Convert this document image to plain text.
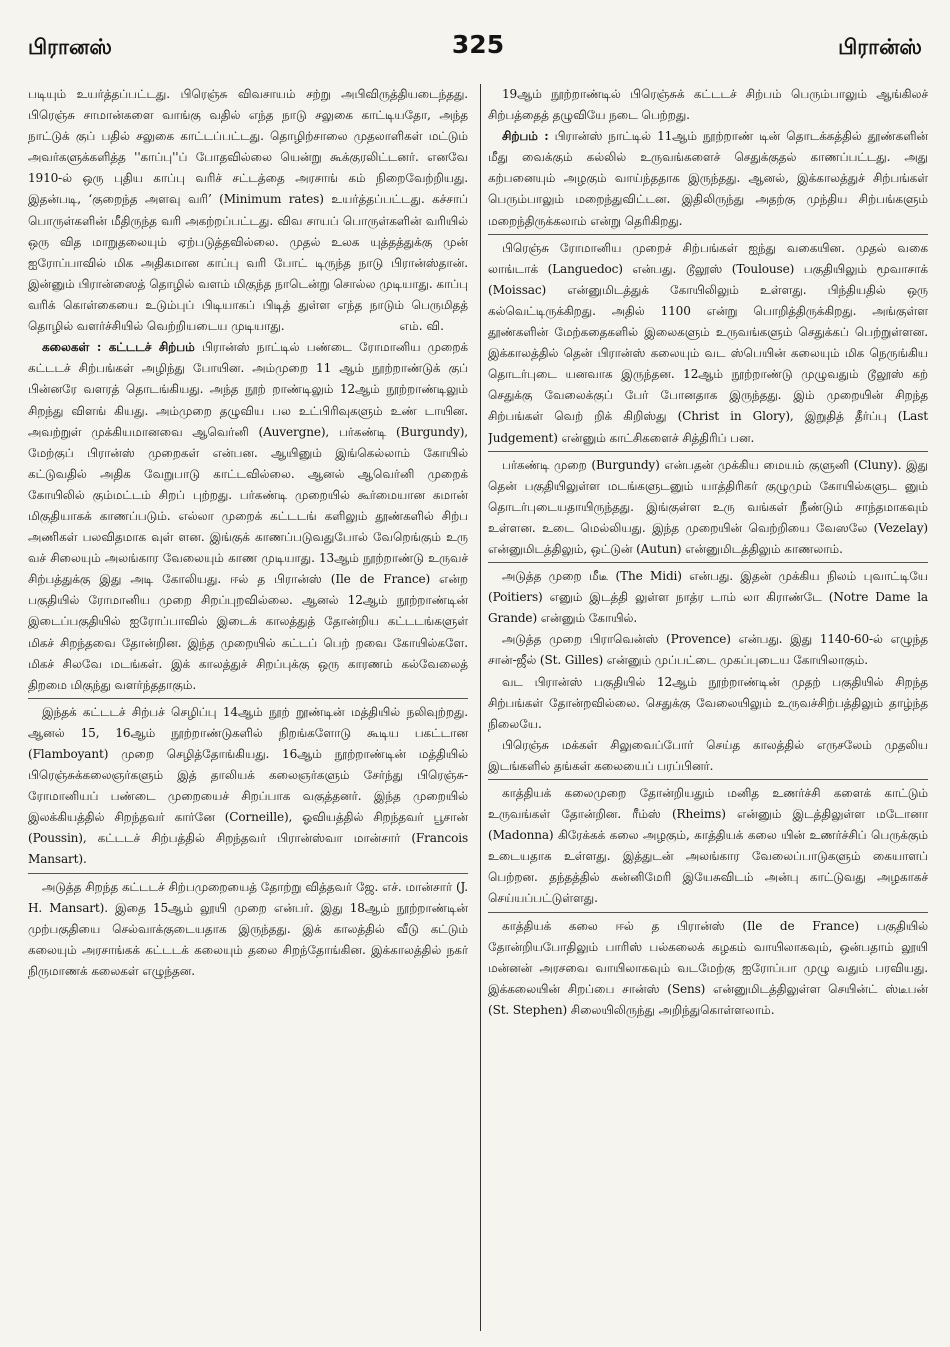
பிரானஸ்	325	பிரான்ஸ்

படியும் உயர்த்தப்பட்டது. பிரெஞ்சு விவசாயம் சற்று அபிவிருத்தியடைந்தது. பிரெஞ்சு சாமான்களை வாங்கு வதில் எந்த நாடு சலுகை காட்டியதோ, அந்த நாட்டுக் குப் பதில் சலுகை காட்டப்பட்டது. தொழிற்சாலை முதலாளிகள் மட்டும் அவர்களுக்களித்த ''காப்பு''ப் போதவில்லை யென்று கூக்குரலிட்டனர். எனவே 1910-ல் ஒரு புதிய காப்பு வரிச் சட்டத்தை அரசாங் கம் நிறைவேற்றியது. இதன்படி, ‘குறைந்த அளவு வரி’ (Minimum rates) உயர்த்தப்பட்டது. கச்சாப் பொருள்களின் மீதிருந்த வரி அகற்றப்பட்டது. விவ சாயப் பொருள்களின் வரியில் ஒரு வித மாறுதலையும் ஏற்படுத்தவில்லை. முதல் உலக யுத்தத்துக்கு முன் ஐரோப்பாவில் மிக அதிகமான காப்பு வரி போட் டிருந்த நாடு பிரான்ஸ்தான். இன்னும் பிரான்ஸைத் தொழில் வளம் மிகுந்த நாடென்று சொல்ல முடியாது. காப்பு வரிக் கொள்கையை உடும்புப் பிடியாகப் பிடித் துள்ள எந்த நாடும் பெருமிதத் தொழில் வளர்ச்சியில் வெற்றியடைய முடியாது.	எம். வி.

கலைகள் : கட்டடச் சிற்பம் பிரான்ஸ் நாட்டில் பண்டை ரோமானிய முறைக் கட்டடச் சிற்பங்கள் அழிந்து போயின. அம்முறை 11 ஆம் நூற்றாண்டுக் குப் பின்னரே வளரத் தொடங்கியது. அந்த நூற் றாண்டிலும் 12ஆம் நூற்றாண்டிலும் சிறந்து விளங் கியது. அம்முறை தழுவிய பல உட்பிரிவுகளும் உண் டாயின. அவற்றுள் முக்கியமானவை ஆவெர்னி (Auvergne), பர்கண்டி (Burgundy), மேற்குப் பிரான்ஸ் முறைகள் என்பன. ஆயினும் இங்கெல்லாம் கோயில் கட்டுவதில் அதிக வேறுபாடு காட்டவில்லை. ஆனல் ஆவெர்னி முறைக் கோயிலில் கும்மட்டம் சிறப் புற்றது. பர்கண்டி முறையில் கூர்மையான கமான் மிகுதியாகக் காணப்படும். எல்லா முறைக் கட்டடங் களிலும் தூண்களில் சிற்ப அணிகள் பலவிதமாக வுள் ளன. இங்குக் காணப்படுவதுபோல் வேறெங்கும் உரு வச் சிலையும் அலங்கார வேலையும் காண முடியாது. 13ஆம் நூற்றாண்டு உருவச் சிற்பத்துக்கு இது அடி கோலியது. ஈல் த பிரான்ஸ் (Ile de France) என்ற பகுதியில் ரோமானிய முறை சிறப்புறவில்லை. ஆனல் 12ஆம் நூற்றாண்டின் இடைப்பகுதியில் ஐரோப்பாவில் இடைக் காலத்துத் தோன்றிய கட்டடங்களுள் மிகச் சிறந்தவை தோன்றின. இந்த முறையில் கட்டப் பெற் றவை கோயில்களே. மிகச் சிலவே மடங்கள். இக் காலத்துச் சிறப்புக்கு ஒரு காரணம் கல்வேலைத் திறமை மிகுந்து வளர்ந்ததாகும்.

இந்தக் கட்டடச் சிற்பச் செழிப்பு 14ஆம் நூற் றூண்டின் மத்தியில் நலிவுற்றது. ஆனல் 15, 16ஆம் நூற்றாண்டுகளில் நிறங்களோடு கூடிய பகட்டான (Flamboyant) முறை செழித்தோங்கியது. 16ஆம் நூற்றாண்டின் மத்தியில் பிரெஞ்சுக்கலைஞர்களும் இத் தாலியக் கலைஞர்களும் சேர்ந்து பிரெஞ்சு-ரோமானியப் பண்டை முறையைச் சிறப்பாக வகுத்தனர். இந்த முறையில் இலக்கியத்தில் சிறந்தவர் கார்னே (Corneille), ஓவியத்தில் சிறந்தவர் பூசான் (Poussin), கட்டடச் சிற்பத்தில் சிறந்தவர் பிரான்ஸ்வா மான்சார் (Francois Mansart).

அடுத்த சிறந்த கட்டடச் சிற்பமுறையைத் தோற்று வித்தவர் ஜே. எச். மான்சார் (J. H. Mansart). இதை 15ஆம் லூயி முறை என்பர். இது 18ஆம் நூற்றாண்டின் முற்பகுதியை செல்வாக்குடையதாக இருந்தது. இக் காலத்தில் வீடு கட்டும் கலையும் அரசாங்கக் கட்டடக் கலையும் தலை சிறந்தோங்கின. இக்காலத்தில் நகர் நிருமாணக் கலைகள் எழுந்தன.

19ஆம் நூற்றாண்டில் பிரெஞ்சுக் கட்டடச் சிற்பம் பெரும்பாலும் ஆங்கிலச் சிற்பத்தைத் தழுவியே நடை பெற்றது.

சிற்பம் : பிரான்ஸ் நாட்டில் 11ஆம் நூற்றாண் டின் தொடக்கத்தில் தூண்களின் மீது வைக்கும் கல்லில் உருவங்களைச் செதுக்குதல் காணப்பட்டது. அது கற்பனையும் அழகும் வாய்ந்ததாக இருந்தது. ஆனல், இக்காலத்துச் சிற்பங்கள் பெரும்பாலும் மறைந்துவிட்டன. இதிலிருந்து அதற்கு முந்திய சிற்பங்களும் மறைந்திருக்கலாம் என்று தெரிகிறது.

பிரெஞ்சு ரோமானிய முறைச் சிற்பங்கள் ஐந்து வகையின. முதல் வகை லாங்டாக் (Languedoc) என்பது. டூலூஸ் (Toulouse) பகுதியிலும் மூவாசாக் (Moissac) என்னுமிடத்துக் கோயிலிலும் உள்ளது. பிந்தியதில் ஒரு கல்வெட்டிருக்கிறது. அதில் 1100 என்று பொறித்திருக்கிறது. அங்குள்ள தூண்களின் மேற்கதைகளில் இலைகளும் உருவங்களும் செதுக்கப் பெற்றுள்ளன. இக்காலத்தில் தென் பிரான்ஸ் கலையும் வட ஸ்பெயின் கலையும் மிக நெருங்கிய தொடர்புடை யனவாக இருந்தன. 12ஆம் நூற்றாண்டு முழுவதும் டூலூஸ் கற் செதுக்கு வேலைக்குப் பேர் போனதாக இருந்தது. இம் முறையின் சிறந்த சிற்பங்கள் வெற் றிக் கிறிஸ்து (Christ in Glory), இறுதித் தீர்ப்பு (Last Judgement) என்னும் காட்சிகளைச் சித்திரிப் பன.

பர்கண்டி முறை (Burgundy) என்பதன் முக்கிய மையம் குளுனி (Cluny). இது தென் பகுதியிலுள்ள மடங்களுடனும் யாத்திரிகர் குழுமும் கோயில்களுட னும் தொடர்புடையதாயிருந்தது. இங்குள்ள உரு வங்கள் நீண்டும் சாந்தமாகவும் உள்ளன. உடை மெல்லியது. இந்த முறையின் வெற்றியை வேஸலே (Vezelay) என்னுமிடத்திலும், ஒட்டுன் (Autun) என்னுமிடத்திலும் காணலாம்.

அடுத்த முறை மீடீ (The Midi) என்பது. இதன் முக்கிய நிலம் புவாட்டியே (Poitiers) எனும் இடத்தி லுள்ள நாத்ர டாம் லா கிராண்டே (Notre Dame la Grande) என்னும் கோயில்.

அடுத்த முறை பிராவென்ஸ் (Provence) என்பது. இது 1140-60-ல் எழுந்த சான்-ஜீல் (St. Gilles) என்னும் முப்பட்டை முகப்புடைய கோயிலாகும்.

வட பிரான்ஸ் பகுதியில் 12ஆம் நூற்றாண்டின் முதற் பகுதியில் சிறந்த சிற்பங்கள் தோன்றவில்லை. செதுக்கு வேலையிலும் உருவச்சிற்பத்திலும் தாழ்ந்த நிலையே.

பிரெஞ்சு மக்கள் சிலுவைப்போர் செய்த காலத்தில் எருசலேம் முதலிய இடங்களில் தங்கள் கலையைப் பரப்பினர்.

காத்தியக் கலைமுறை தோன்றியதும் மனித உணர்ச்சி களைக் காட்டும் உருவங்கள் தோன்றின. ரீம்ஸ் (Rheims) என்னும் இடத்திலுள்ள மடோனா (Madonna) கிரேக்கக் கலை அழகும், காத்தியக் கலை யின் உணர்ச்சிப் பெருக்கும் உடையதாக உள்ளது. இத்துடன் அலங்கார வேலைப்பாடுகளும் கையாளப் பெற்றன. தந்தத்தில் கன்னிமேரி இயேசுவிடம் அன்பு காட்டுவது அழகாகச் செய்யப்பட்டுள்ளது.

காத்தியக் கலை ஈல் த பிரான்ஸ் (Ile de France) பகுதியில் தோன்றியபோதிலும் பாரிஸ் பல்கலைக் கழகம் வாயிலாகவும், ஒன்பதாம் லூயி மன்னன் அரசவை வாயிலாகவும் வடமேற்கு ஐரோப்பா முழு வதும் பரவியது. இக்கலையின் சிறப்பை சான்ஸ் (Sens) என்னுமிடத்திலுள்ள செயின்ட் ஸ்டீபன் (St. Stephen) சிலையிலிருந்து அறிந்துகொள்ளலாம்.
